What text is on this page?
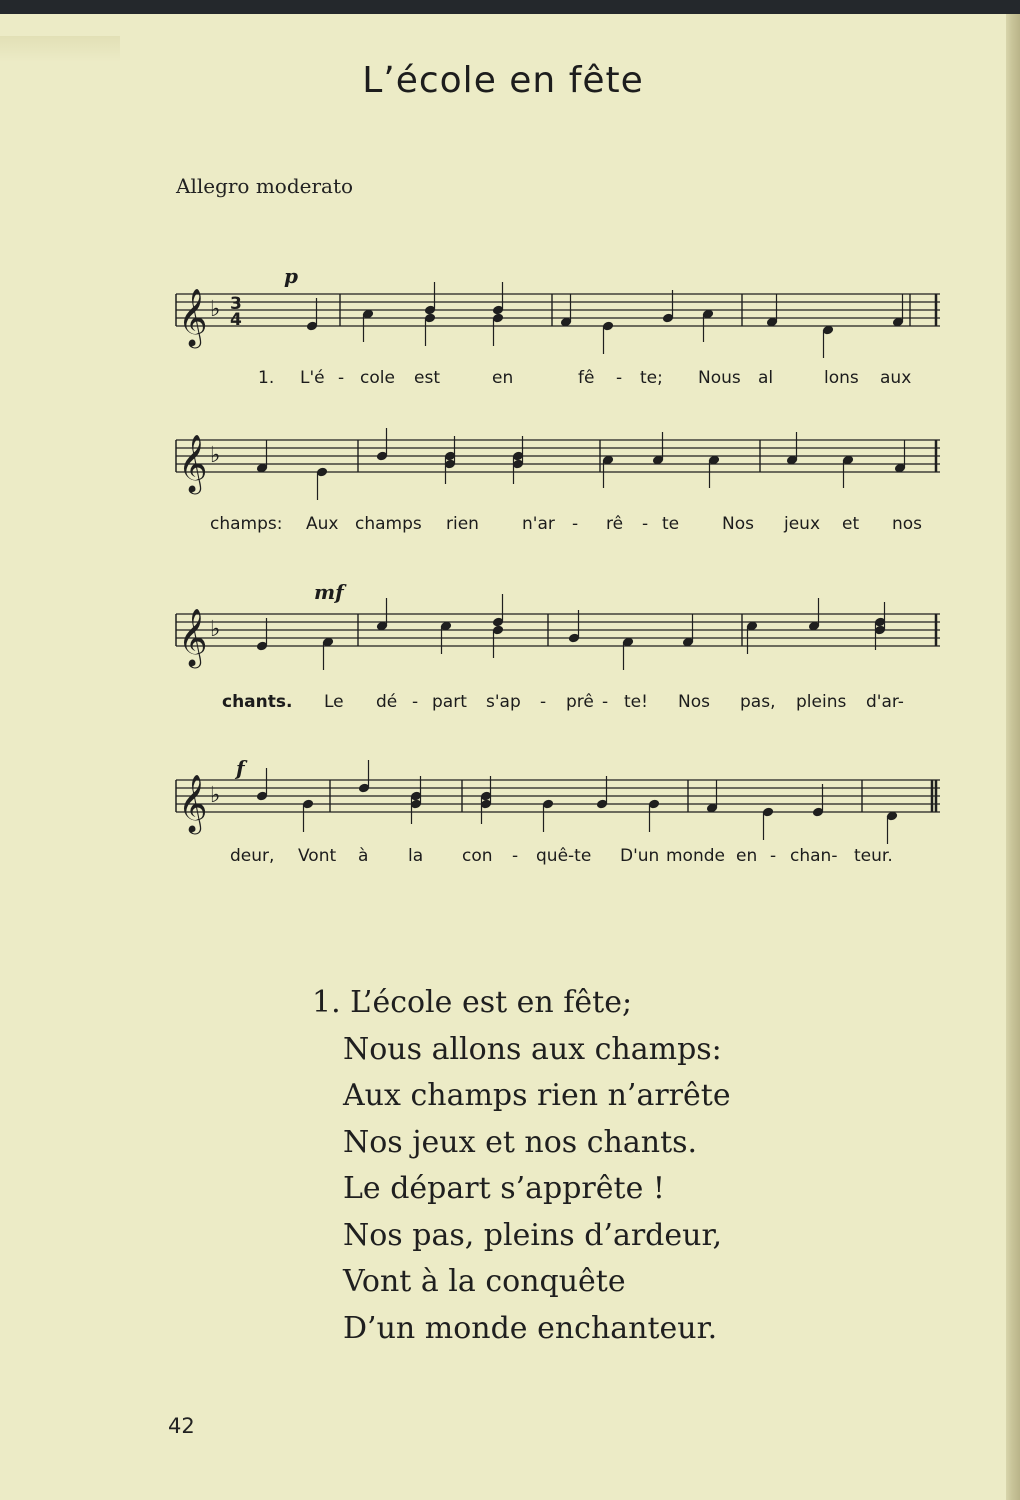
L’école en fête
Allegro moderato
𝄞 ♭ 3
4
1. L'é - cole est	en	fê - te; Nous al	lons aux
𝄞 ♭
champs: Aux champs rien	n'ar - rê - te	Nos jeux et nos
𝄞 ♭
chants. Le dé - part s'ap - prê - te! Nos pas, pleins d'ar-
𝄞 ♭
deur, Vont à la con - quê-te D'un monde en - chan- teur.
p
mf
f
1. L’école est en fête;
Nous allons aux champs:
Aux champs rien n’arrête
Nos jeux et nos chants.
Le départ s’apprête !
Nos pas, pleins d’ardeur,
Vont à la conquête
D’un monde enchanteur.
42
